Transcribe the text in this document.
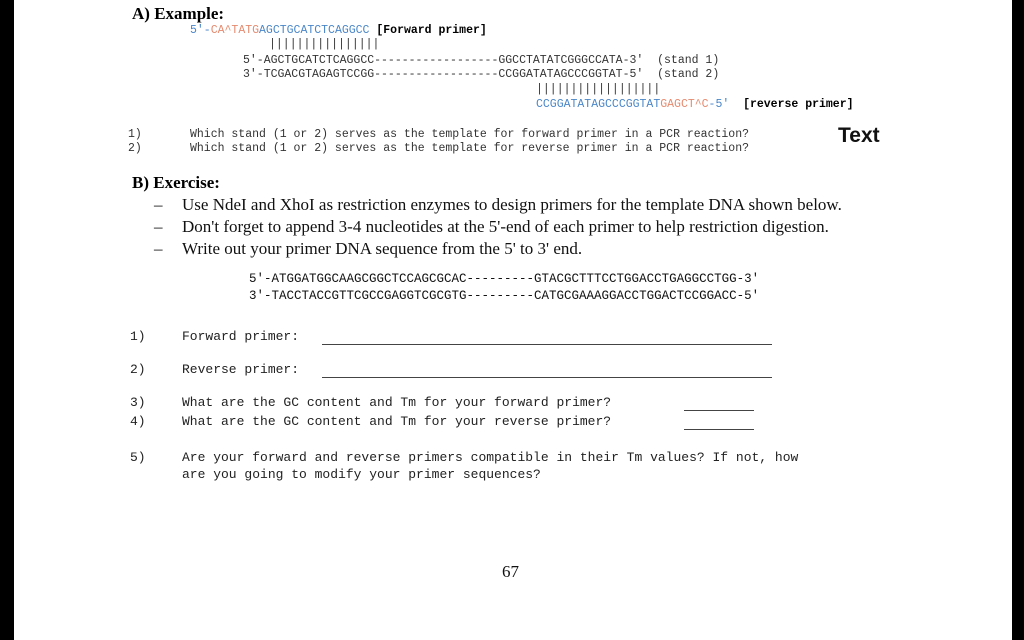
A) Example:
5'-CA^TATGAGCTGCATCTCAGGCC [Forward primer]
||||||||||||||||
5'-AGCTGCATCTCAGGCC------------------GGCCTATATCGGGCCATA-3' (stand 1)
3'-TCGACGTAGAGTCCGG------------------CCGGATATAGCCCGGTAT-5' (stand 2)
||||||||||||||||||
CCGGATATAGCCCGGTATGAGCT^C-5' [reverse primer]
1)	Which stand (1 or 2) serves as the template for forward primer in a PCR reaction?
2)	Which stand (1 or 2) serves as the template for reverse primer in a PCR reaction?
Text
B) Exercise:
– Use NdeI and XhoI as restriction enzymes to design primers for the template DNA shown below.
– Don't forget to append 3-4 nucleotides at the 5'-end of each primer to help restriction digestion.
– Write out your primer DNA sequence from the 5' to 3' end.
5'-ATGGATGGCAAGCGGCTCCAGCGCAC---------GTACGCTTTCCTGGACCTGAGGCCTGG-3'
3'-TACCTACCGTTCGCCGAGGTCGCGTG---------CATGCGAAAGGACCTGGACTCCGGACC-5'
1)	Forward primer:
2)	Reverse primer:
3)	What are the GC content and Tm for your forward primer?
4)	What are the GC content and Tm for your reverse primer?
5)	Are your forward and reverse primers compatible in their Tm values? If not, how
are you going to modify your primer sequences?
67
